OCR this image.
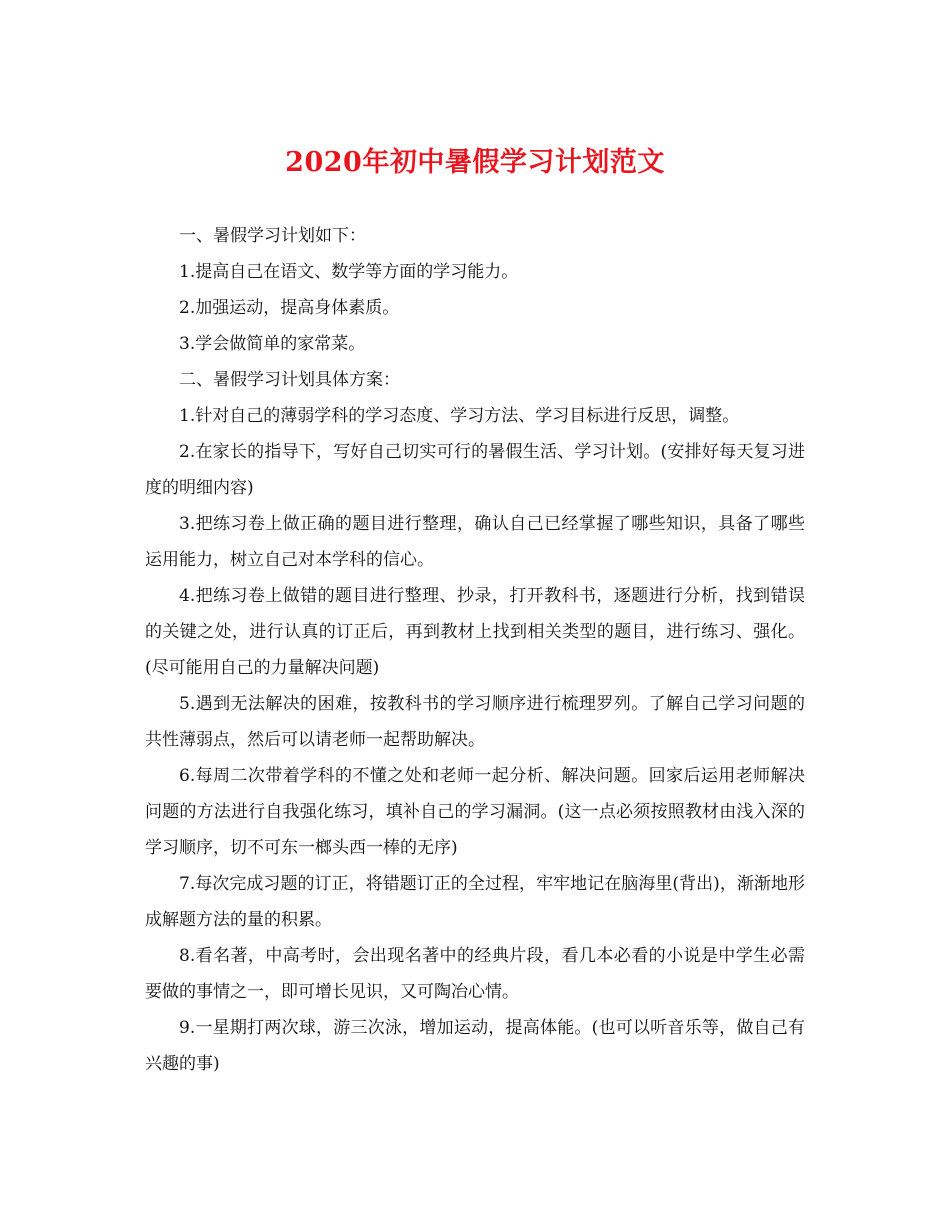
2020年初中暑假学习计划范文

一、暑假学习计划如下：

1.提高自己在语文、数学等方面的学习能力。

2.加强运动，提高身体素质。

3.学会做简单的家常菜。

二、暑假学习计划具体方案：

1.针对自己的薄弱学科的学习态度、学习方法、学习目标进行反思，调整。

2.在家长的指导下，写好自己切实可行的暑假生活、学习计划。(安排好每天复习进度的明细内容)

3.把练习卷上做正确的题目进行整理，确认自己已经掌握了哪些知识，具备了哪些运用能力，树立自己对本学科的信心。

4.把练习卷上做错的题目进行整理、抄录，打开教科书，逐题进行分析，找到错误的关键之处，进行认真的订正后，再到教材上找到相关类型的题目，进行练习、强化。(尽可能用自己的力量解决问题)

5.遇到无法解决的困难，按教科书的学习顺序进行梳理罗列。了解自己学习问题的共性薄弱点，然后可以请老师一起帮助解决。

6.每周二次带着学科的不懂之处和老师一起分析、解决问题。回家后运用老师解决问题的方法进行自我强化练习，填补自己的学习漏洞。(这一点必须按照教材由浅入深的学习顺序，切不可东一榔头西一棒的无序)

7.每次完成习题的订正，将错题订正的全过程，牢牢地记在脑海里(背出)，渐渐地形成解题方法的量的积累。

8.看名著，中高考时，会出现名著中的经典片段，看几本必看的小说是中学生必需要做的事情之一，即可增长见识，又可陶冶心情。

9.一星期打两次球，游三次泳，增加运动，提高体能。(也可以听音乐等，做自己有兴趣的事)
